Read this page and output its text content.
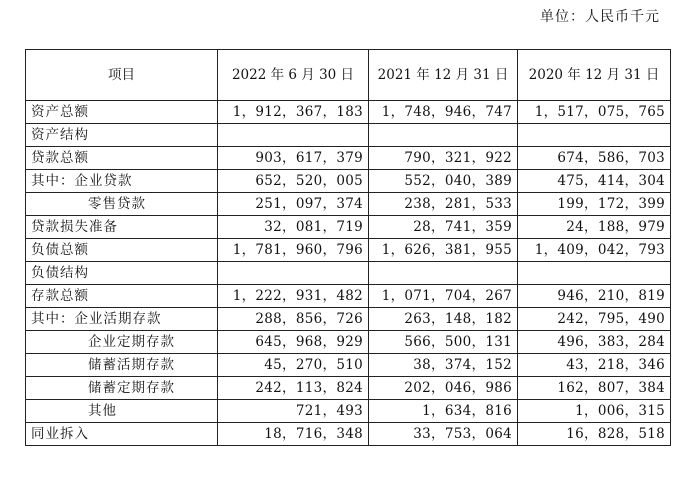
单位：人民币千元
项目	2022 年 6 月 30 日	2021 年 12 月 31 日	2020 年 12 月 31 日
资产总额	1，912，367，183	1，748，946，747	1，517，075，765
资产结构			
贷款总额	903，617，379	790，321，922	674，586，703
其中：企业贷款	652，520，005	552，040，389	475，414，304
零售贷款	251，097，374	238，281，533	199，172，399
贷款损失准备	32，081，719	28，741，359	24，188，979
负债总额	1，781，960，796	1，626，381，955	1，409，042，793
负债结构			
存款总额	1，222，931，482	1，071，704，267	946，210，819
其中：企业活期存款	288，856，726	263，148，182	242，795，490
企业定期存款	645，968，929	566，500，131	496，383，284
储蓄活期存款	45，270，510	38，374，152	43，218，346
储蓄定期存款	242，113，824	202，046，986	162，807，384
其他	721，493	1，634，816	1，006，315
同业拆入	18，716，348	33，753，064	16，828，518
